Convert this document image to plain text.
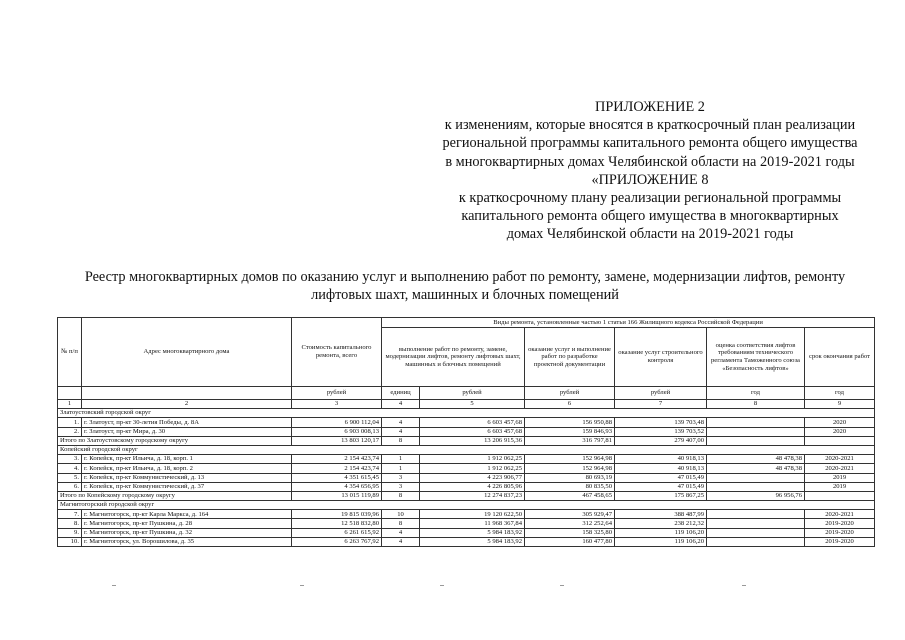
ПРИЛОЖЕНИЕ 2
к изменениям, которые вносятся в краткосрочный план реализации
региональной программы капитального ремонта общего имущества
в многоквартирных домах Челябинской области на 2019-2021 годы
«ПРИЛОЖЕНИЕ 8
к краткосрочному плану реализации региональной программы
капитального ремонта общего имущества в многоквартирных
домах Челябинской области на 2019-2021 годы
Реестр многоквартирных домов по оказанию услуг и выполнению работ по ремонту, замене, модернизации лифтов, ремонту
лифтовых шахт, машинных и блочных помещений
№ п/п	Адрес многоквартирного дома	Стоимость капитального ремонта, всего	Виды ремонта, установленные частью 1 статьи 166 Жилищного кодекса Российской Федерации					
			выполнение работ по ремонту, замене, модернизации лифтов, ремонту лифтовых шахт, машинных и блочных помещений		оказание услуг и выполнение работ по разработке проектной документации	оказание услуг строительного контроля	оценка соответствия лифтов требованиям технического регламента Таможенного союза «Безопасность лифтов»	срок окончания работ
		рублей	единиц	рублей	рублей	рублей	год	год
1	2	3	4	5	6	7	8	9
Златоустовский городской округ								
1.	г. Златоуст, пр-кт 30-летия Победы, д. 8А	6 900 112,04	4	6 603 457,68	156 950,88	139 703,48		2020
2.	г. Златоуст, пр-кт Мира, д. 30	6 903 008,13	4	6 603 457,68	159 846,93	139 703,52		2020
Итого по Златоустовскому городскому округу		13 803 120,17	8	13 206 915,36	316 797,81	279 407,00		
Копейский городской округ								
3.	г. Копейск, пр-кт Ильича, д. 18, корп. 1	2 154 423,74	1	1 912 062,25	152 964,98	40 918,13	48 478,38	2020-2021
4.	г. Копейск, пр-кт Ильича, д. 18, корп. 2	2 154 423,74	1	1 912 062,25	152 964,98	40 918,13	48 478,38	2020-2021
5.	г. Копейск, пр-кт Коммунистический, д. 13	4 351 615,45	3	4 223 906,77	80 693,19	47 015,49		2019
6.	г. Копейск, пр-кт Коммунистический, д. 37	4 354 656,95	3	4 226 805,96	80 835,50	47 015,49		2019
Итого по Копейскому городскому округу		13 015 119,89	8	12 274 837,23	467 458,65	175 867,25	96 956,76	
Магнитогорский городской округ								
7.	г. Магнитогорск, пр-кт Карла Маркса, д. 164	19 815 039,96	10	19 120 622,50	305 929,47	388 487,99		2020-2021
8.	г. Магнитогорск, пр-кт Пушкина, д. 28	12 518 832,80	8	11 968 367,84	312 252,64	238 212,32		2019-2020
9.	г. Магнитогорск, пр-кт Пушкина, д. 32	6 261 615,92	4	5 984 183,92	158 325,80	119 106,20		2019-2020
10.	г. Магнитогорск, ул. Ворошилова, д. 35	6 263 767,92	4	5 984 183,92	160 477,80	119 106,20		2019-2020
